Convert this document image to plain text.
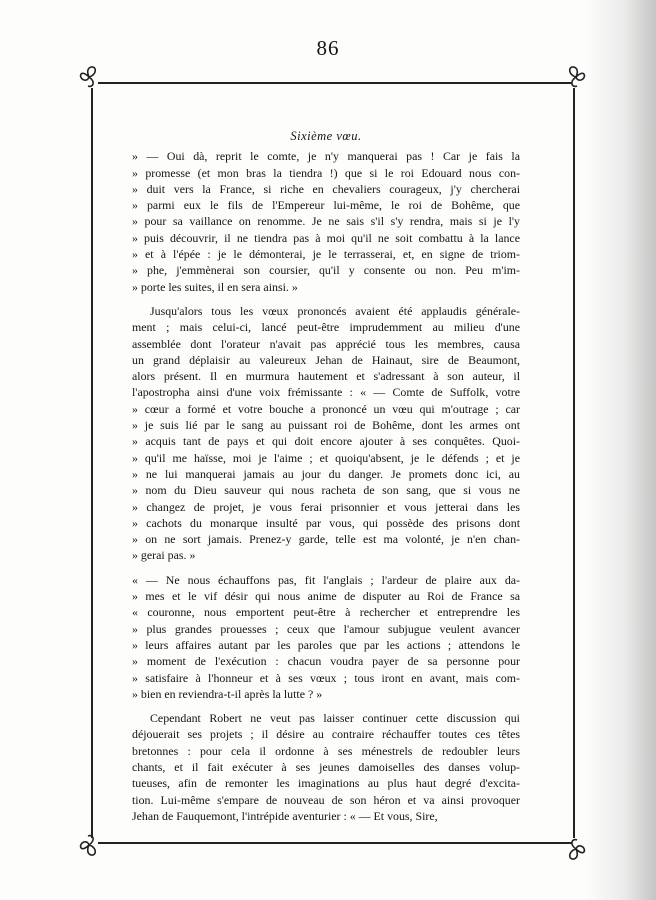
86
Sixième vœu.
» — Oui dà, reprit le comte, je n'y manquerai pas ! Car je fais la
» promesse (et mon bras la tiendra !) que si le roi Edouard nous con-
» duit vers la France, si riche en chevaliers courageux, j'y chercherai
» parmi eux le fils de l'Empereur lui-même, le roi de Bohême, que
» pour sa vaillance on renomme. Je ne sais s'il s'y rendra, mais si je l'y
» puis découvrir, il ne tiendra pas à moi qu'il ne soit combattu à la lance
» et à l'épée : je le démonterai, je le terrasserai, et, en signe de triom-
» phe, j'emmènerai son coursier, qu'il y consente ou non. Peu m'im-
» porte les suites, il en sera ainsi. »
Jusqu'alors tous les vœux prononcés avaient été applaudis générale-
ment ; mais celui-ci, lancé peut-être imprudemment au milieu d'une
assemblée dont l'orateur n'avait pas apprécié tous les membres, causa
un grand déplaisir au valeureux Jehan de Hainaut, sire de Beaumont,
alors présent. Il en murmura hautement et s'adressant à son auteur, il
l'apostropha ainsi d'une voix frémissante : « — Comte de Suffolk, votre
» cœur a formé et votre bouche a prononcé un vœu qui m'outrage ; car
» je suis lié par le sang au puissant roi de Bohême, dont les armes ont
» acquis tant de pays et qui doit encore ajouter à ses conquêtes. Quoi-
» qu'il me haïsse, moi je l'aime ; et quoiqu'absent, je le défends ; et je
» ne lui manquerai jamais au jour du danger. Je promets donc ici, au
» nom du Dieu sauveur qui nous racheta de son sang, que si vous ne
» changez de projet, je vous ferai prisonnier et vous jetterai dans les
» cachots du monarque insulté par vous, qui possède des prisons dont
» on ne sort jamais. Prenez-y garde, telle est ma volonté, je n'en chan-
» gerai pas. »
« — Ne nous échauffons pas, fit l'anglais ; l'ardeur de plaire aux da-
» mes et le vif désir qui nous anime de disputer au Roi de France sa
« couronne, nous emportent peut-être à rechercher et entreprendre les
» plus grandes prouesses ; ceux que l'amour subjugue veulent avancer
» leurs affaires autant par les paroles que par les actions ; attendons le
» moment de l'exécution : chacun voudra payer de sa personne pour
» satisfaire à l'honneur et à ses vœux ; tous iront en avant, mais com-
» bien en reviendra-t-il après la lutte ? »
Cependant Robert ne veut pas laisser continuer cette discussion qui
déjouerait ses projets ; il désire au contraire réchauffer toutes ces têtes
bretonnes : pour cela il ordonne à ses ménestrels de redoubler leurs
chants, et il fait exécuter à ses jeunes damoiselles des danses volup-
tueuses, afin de remonter les imaginations au plus haut degré d'excita-
tion. Lui-même s'empare de nouveau de son héron et va ainsi provoquer
Jehan de Fauquemont, l'intrépide aventurier : « — Et vous, Sire,
